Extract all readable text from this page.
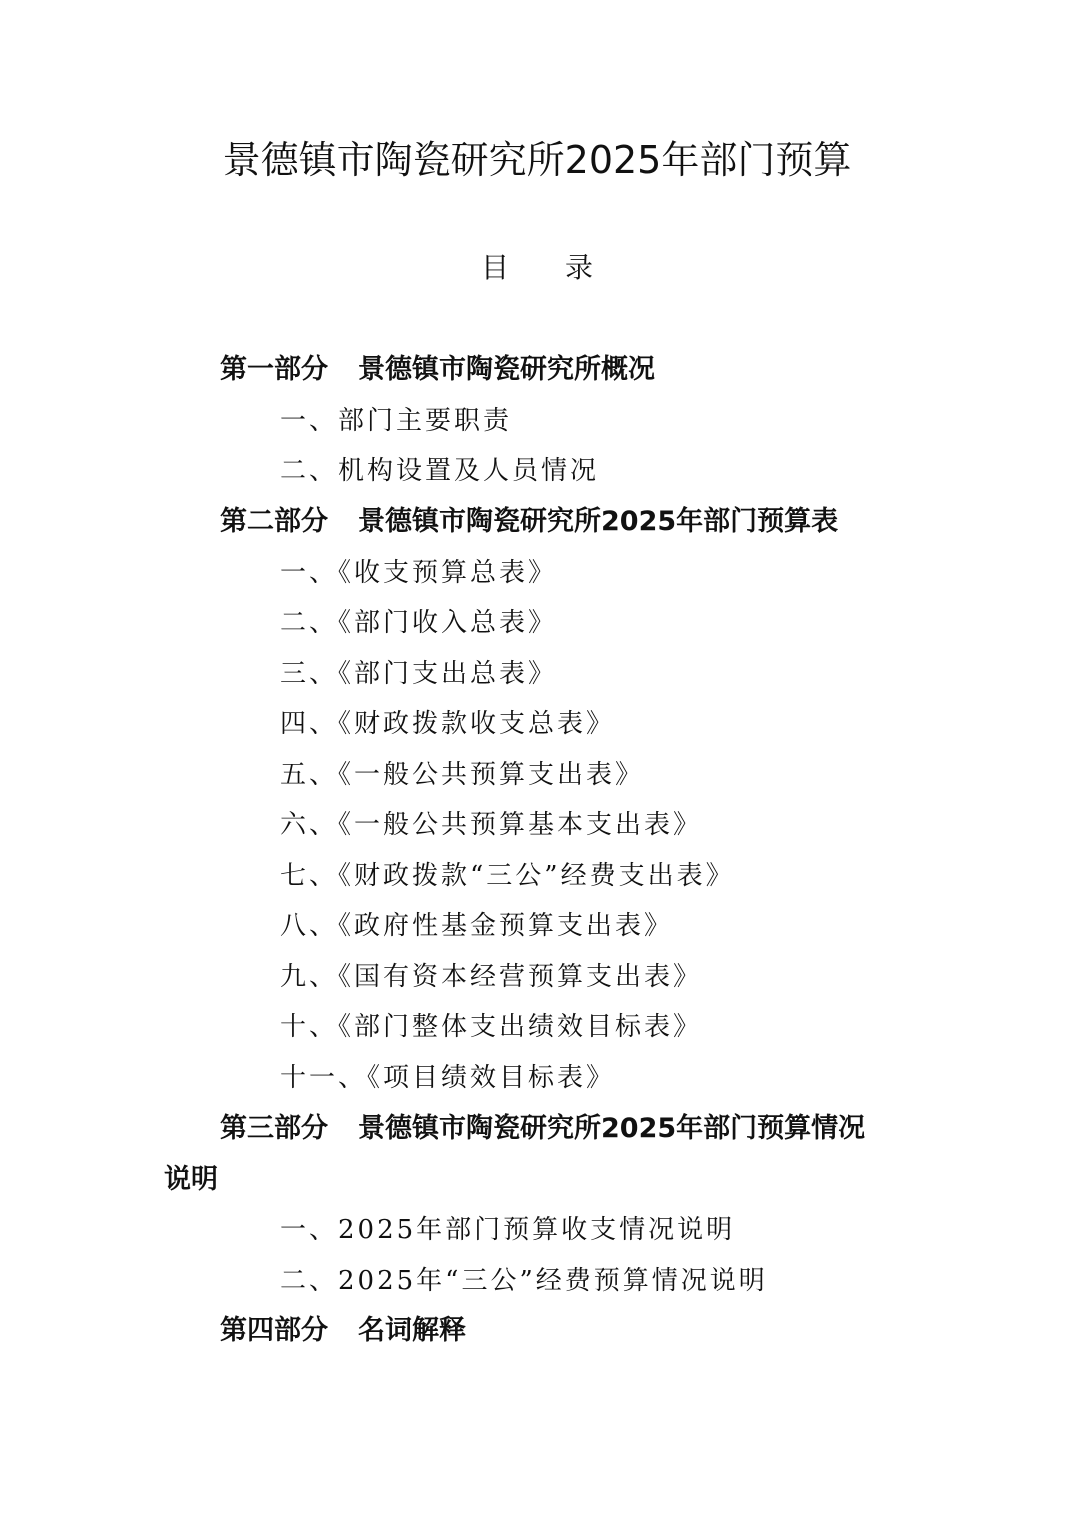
景德镇市陶瓷研究所2025年部门预算
目录
第一部分 景德镇市陶瓷研究所概况
一、部门主要职责
二、机构设置及人员情况
第二部分 景德镇市陶瓷研究所2025年部门预算表
一、《收支预算总表》
二、《部门收入总表》
三、《部门支出总表》
四、《财政拨款收支总表》
五、《一般公共预算支出表》
六、《一般公共预算基本支出表》
七、《财政拨款“三公”经费支出表》
八、《政府性基金预算支出表》
九、《国有资本经营预算支出表》
十、《部门整体支出绩效目标表》
十一、《项目绩效目标表》
第三部分 景德镇市陶瓷研究所2025年部门预算情况
说明
一、2025年部门预算收支情况说明
二、2025年“三公”经费预算情况说明
第四部分 名词解释
